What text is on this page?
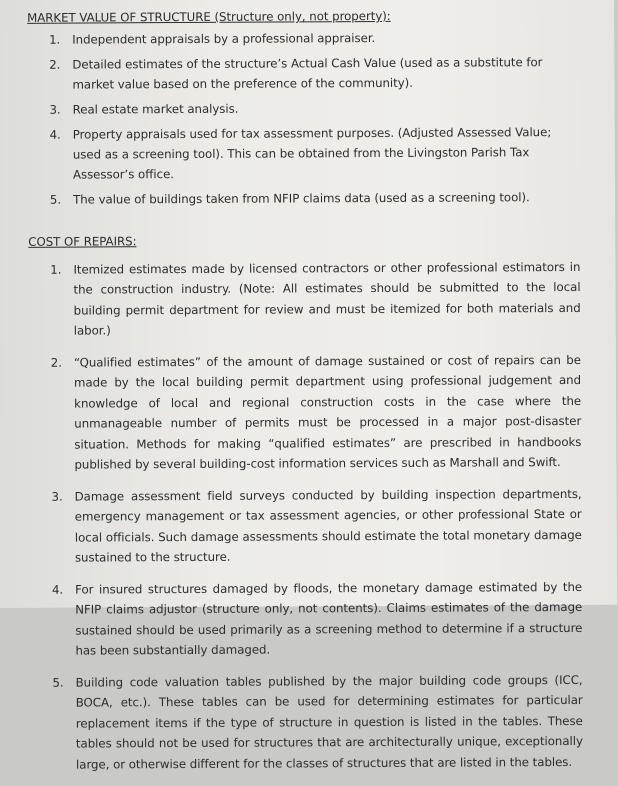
MARKET VALUE OF STRUCTURE (Structure only, not property):
1.	Independent appraisals by a professional appraiser.
2.	Detailed estimates of the structure’s Actual Cash Value (used as a substitute for market value based on the preference of the community).
3.	Real estate market analysis.
4.	Property appraisals used for tax assessment purposes. (Adjusted Assessed Value; used as a screening tool). This can be obtained from the Livingston Parish Tax Assessor’s office.
5.	The value of buildings taken from NFIP claims data (used as a screening tool).
COST OF REPAIRS:
1.	Itemized estimates made by licensed contractors or other professional estimators in the construction industry. (Note: All estimates should be submitted to the local building permit department for review and must be itemized for both materials and labor.)
2.	“Qualified estimates” of the amount of damage sustained or cost of repairs can be made by the local building permit department using professional judgement and knowledge of local and regional construction costs in the case where the unmanageable number of permits must be processed in a major post-disaster situation. Methods for making “qualified estimates” are prescribed in handbooks published by several building-cost information services such as Marshall and Swift.
3.	Damage assessment field surveys conducted by building inspection departments, emergency management or tax assessment agencies, or other professional State or local officials. Such damage assessments should estimate the total monetary damage sustained to the structure.
4.	For insured structures damaged by floods, the monetary damage estimated by the NFIP claims adjustor (structure only, not contents). Claims estimates of the damage sustained should be used primarily as a screening method to determine if a structure has been substantially damaged.
5.	Building code valuation tables published by the major building code groups (ICC, BOCA, etc.). These tables can be used for determining estimates for particular replacement items if the type of structure in question is listed in the tables. These tables should not be used for structures that are architecturally unique, exceptionally large, or otherwise different for the classes of structures that are listed in the tables.
